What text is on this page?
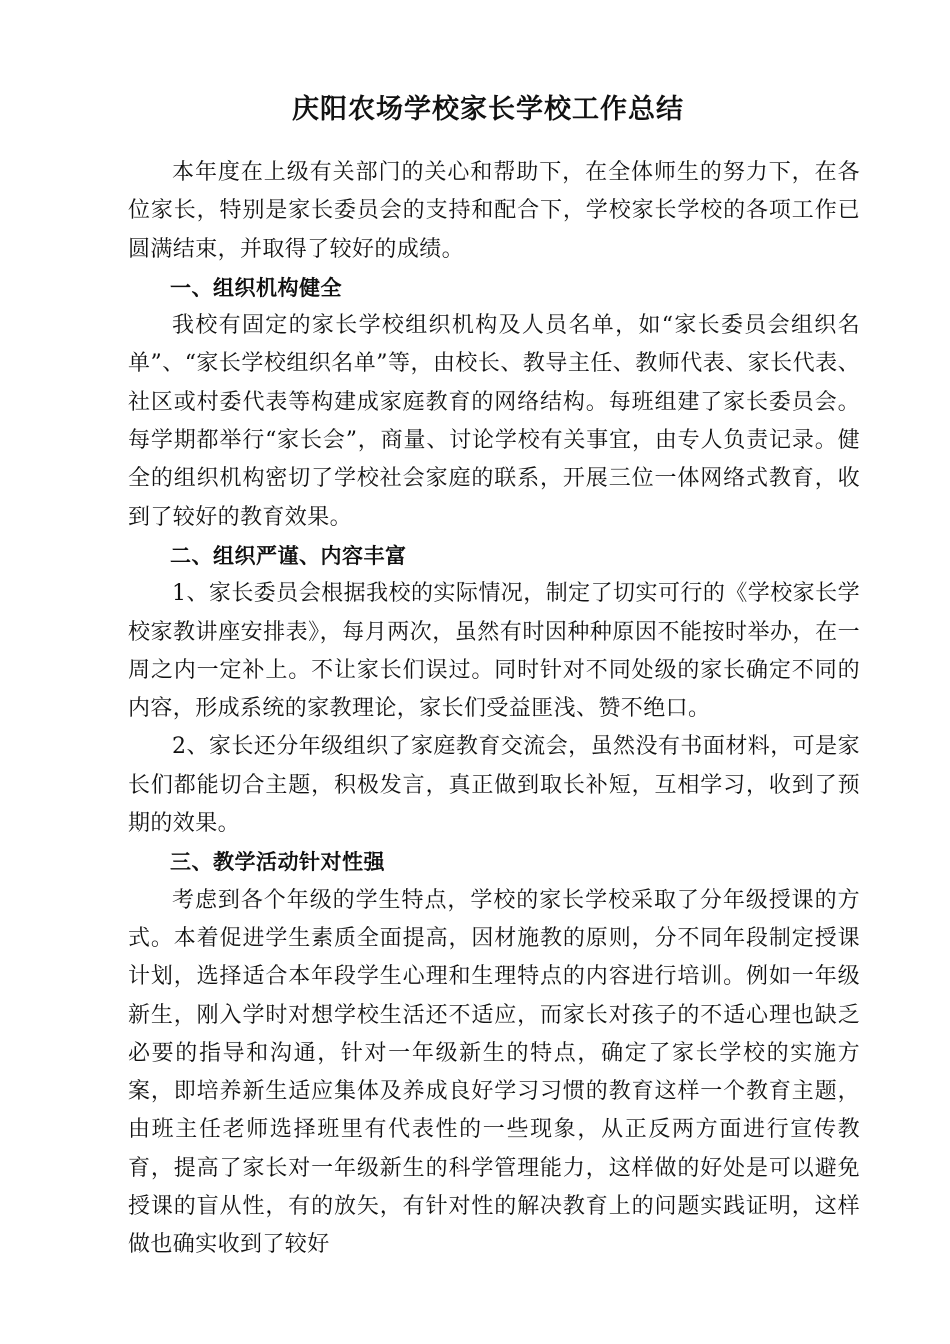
庆阳农场学校家长学校工作总结

本年度在上级有关部门的关心和帮助下，在全体师生的努力下，在各位家长，特别是家长委员会的支持和配合下，学校家长学校的各项工作已圆满结束，并取得了较好的成绩。

一、组织机构健全

我校有固定的家长学校组织机构及人员名单，如“家长委员会组织名单”、“家长学校组织名单”等，由校长、教导主任、教师代表、家长代表、社区或村委代表等构建成家庭教育的网络结构。每班组建了家长委员会。每学期都举行“家长会”，商量、讨论学校有关事宜，由专人负责记录。健全的组织机构密切了学校社会家庭的联系，开展三位一体网络式教育，收到了较好的教育效果。

二、组织严谨、内容丰富

1、家长委员会根据我校的实际情况，制定了切实可行的《学校家长学校家教讲座安排表》，每月两次，虽然有时因种种原因不能按时举办，在一周之内一定补上。不让家长们误过。同时针对不同处级的家长确定不同的内容，形成系统的家教理论，家长们受益匪浅、赞不绝口。

2、家长还分年级组织了家庭教育交流会，虽然没有书面材料，可是家长们都能切合主题，积极发言，真正做到取长补短，互相学习，收到了预期的效果。

三、教学活动针对性强

考虑到各个年级的学生特点，学校的家长学校采取了分年级授课的方式。本着促进学生素质全面提高，因材施教的原则，分不同年段制定授课计划，选择适合本年段学生心理和生理特点的内容进行培训。例如一年级新生，刚入学时对想学校生活还不适应，而家长对孩子的不适心理也缺乏必要的指导和沟通，针对一年级新生的特点，确定了家长学校的实施方案，即培养新生适应集体及养成良好学习习惯的教育这样一个教育主题，由班主任老师选择班里有代表性的一些现象，从正反两方面进行宣传教育，提高了家长对一年级新生的科学管理能力，这样做的好处是可以避免授课的盲从性，有的放矢，有针对性的解决教育上的问题实践证明，这样做也确实收到了较好
